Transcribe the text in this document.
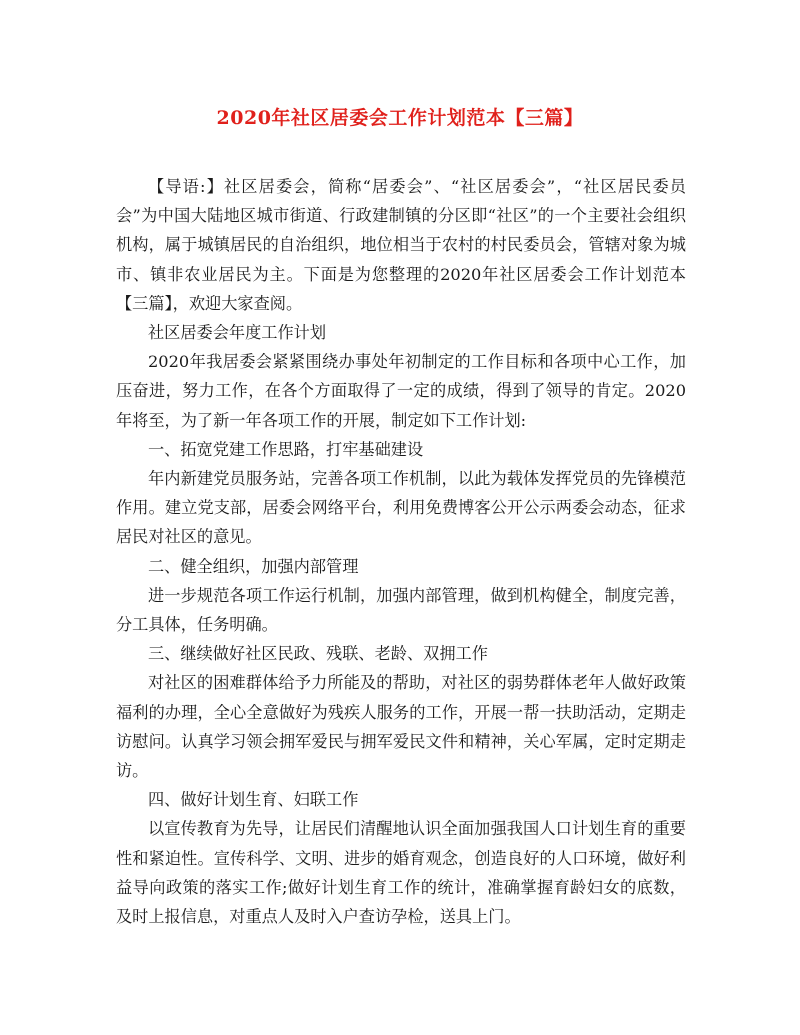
2020年社区居委会工作计划范本【三篇】

【导语:】社区居委会，简称“居委会”、“社区居委会”，“社区居民委员会”为中国大陆地区城市街道、行政建制镇的分区即“社区”的一个主要社会组织机构，属于城镇居民的自治组织，地位相当于农村的村民委员会，管辖对象为城市、镇非农业居民为主。下面是为您整理的2020年社区居委会工作计划范本【三篇】，欢迎大家查阅。

社区居委会年度工作计划

2020年我居委会紧紧围绕办事处年初制定的工作目标和各项中心工作，加压奋进，努力工作，在各个方面取得了一定的成绩，得到了领导的肯定。2020年将至，为了新一年各项工作的开展，制定如下工作计划:

一、拓宽党建工作思路，打牢基础建设

年内新建党员服务站，完善各项工作机制，以此为载体发挥党员的先锋模范作用。建立党支部，居委会网络平台，利用免费博客公开公示两委会动态，征求居民对社区的意见。

二、健全组织，加强内部管理

进一步规范各项工作运行机制，加强内部管理，做到机构健全，制度完善，分工具体，任务明确。

三、继续做好社区民政、残联、老龄、双拥工作

对社区的困难群体给予力所能及的帮助，对社区的弱势群体老年人做好政策福利的办理，全心全意做好为残疾人服务的工作，开展一帮一扶助活动，定期走访慰问。认真学习领会拥军爱民与拥军爱民文件和精神，关心军属，定时定期走访。

四、做好计划生育、妇联工作

以宣传教育为先导，让居民们清醒地认识全面加强我国人口计划生育的重要性和紧迫性。宣传科学、文明、进步的婚育观念，创造良好的人口环境，做好利益导向政策的落实工作;做好计划生育工作的统计，准确掌握育龄妇女的底数，及时上报信息，对重点人及时入户查访孕检，送具上门。
